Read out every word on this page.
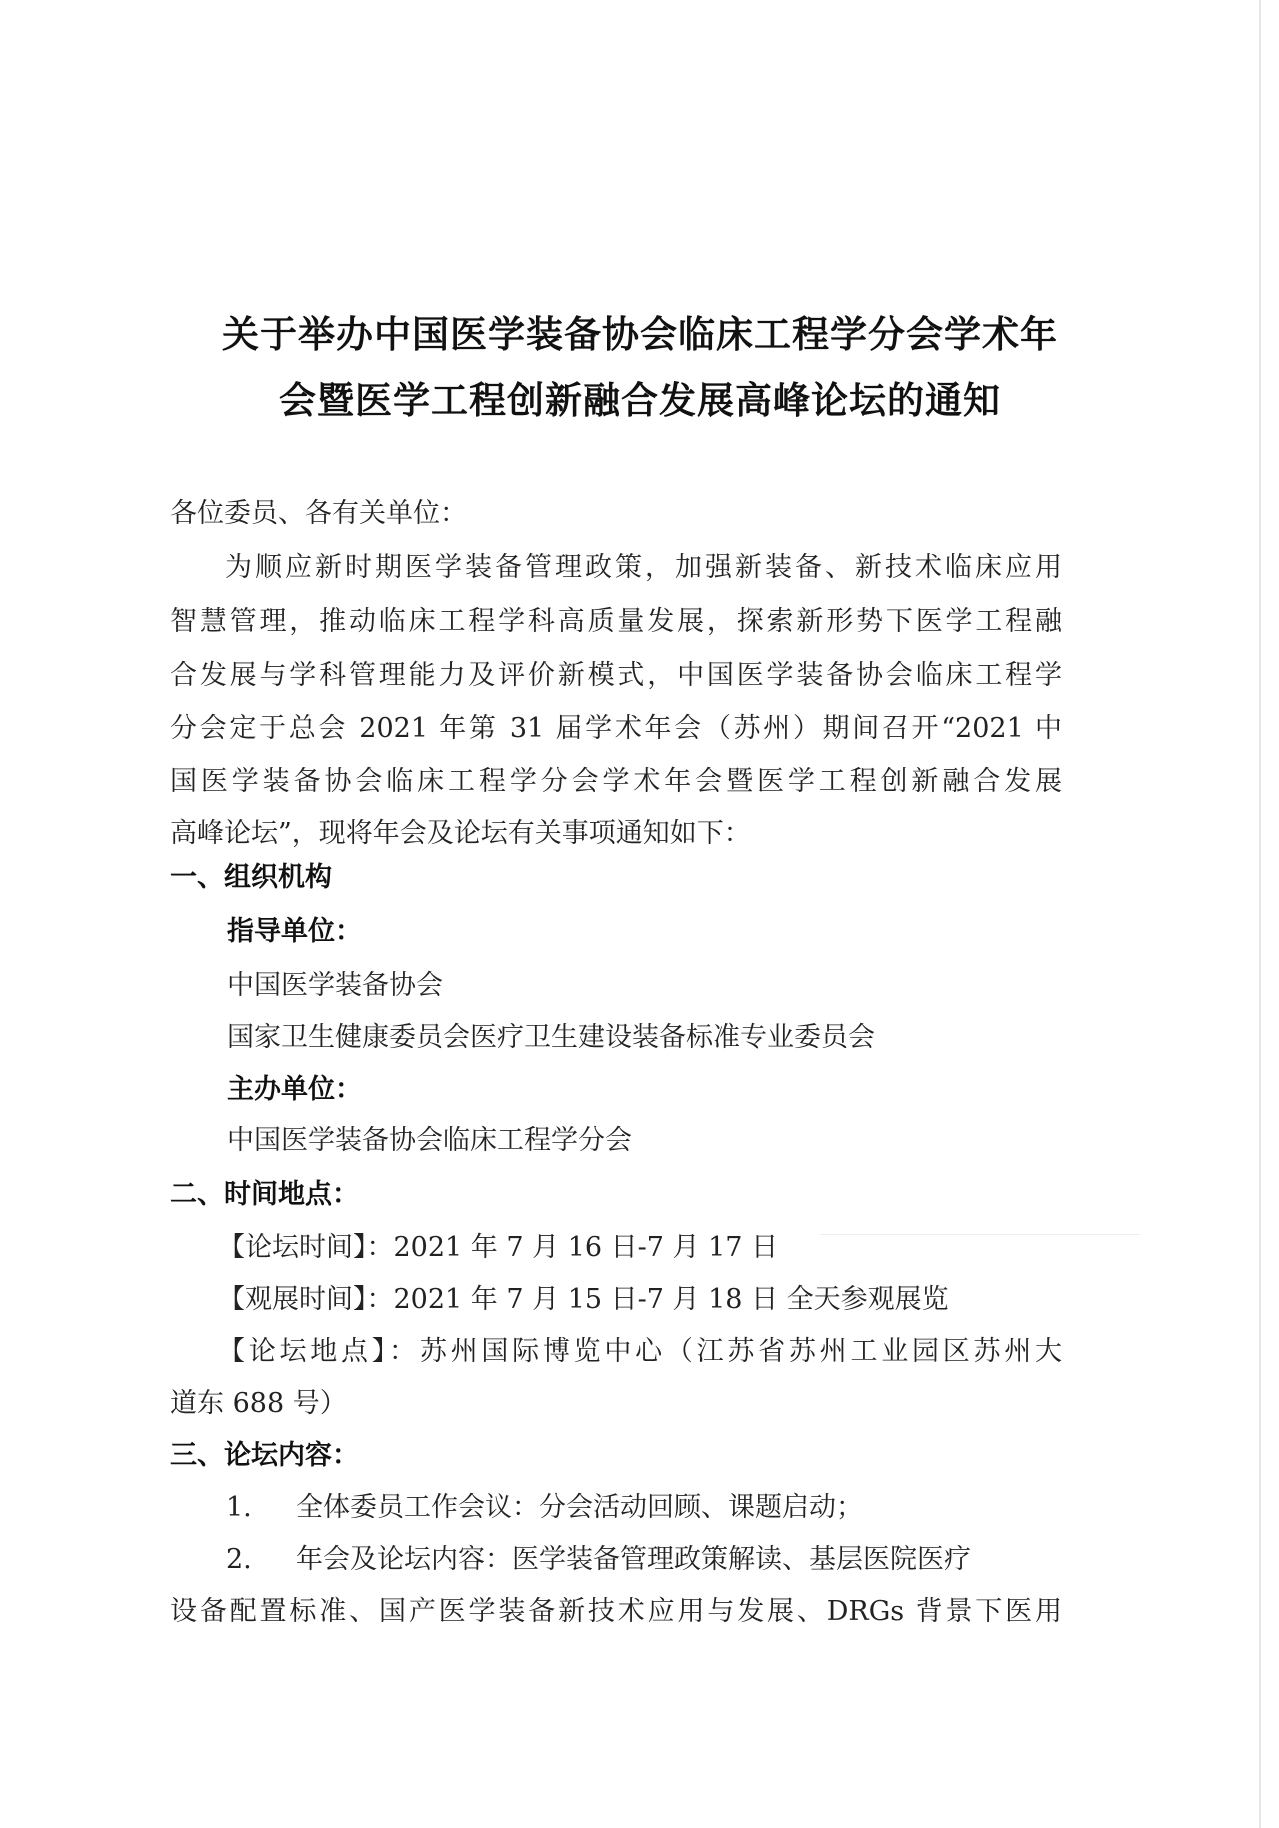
关于举办中国医学装备协会临床工程学分会学术年
会暨医学工程创新融合发展高峰论坛的通知
各位委员、各有关单位：
为顺应新时期医学装备管理政策，加强新装备、新技术临床应用
智慧管理，推动临床工程学科高质量发展，探索新形势下医学工程融
合发展与学科管理能力及评价新模式，中国医学装备协会临床工程学
分会定于总会 2021 年第 31 届学术年会（苏州）期间召开“2021 中
国医学装备协会临床工程学分会学术年会暨医学工程创新融合发展
高峰论坛”，现将年会及论坛有关事项通知如下：
一、组织机构
指导单位：
中国医学装备协会
国家卫生健康委员会医疗卫生建设装备标准专业委员会
主办单位：
中国医学装备协会临床工程学分会
二、时间地点：
【论坛时间】：2021 年 7 月 16 日-7 月 17 日
【观展时间】：2021 年 7 月 15 日-7 月 18 日 全天参观展览
【论坛地点】：苏州国际博览中心（江苏省苏州工业园区苏州大
道东 688 号）
三、论坛内容：
1. 全体委员工作会议：分会活动回顾、课题启动；
2. 年会及论坛内容：医学装备管理政策解读、基层医院医疗
设备配置标准、国产医学装备新技术应用与发展、DRGs 背景下医用
